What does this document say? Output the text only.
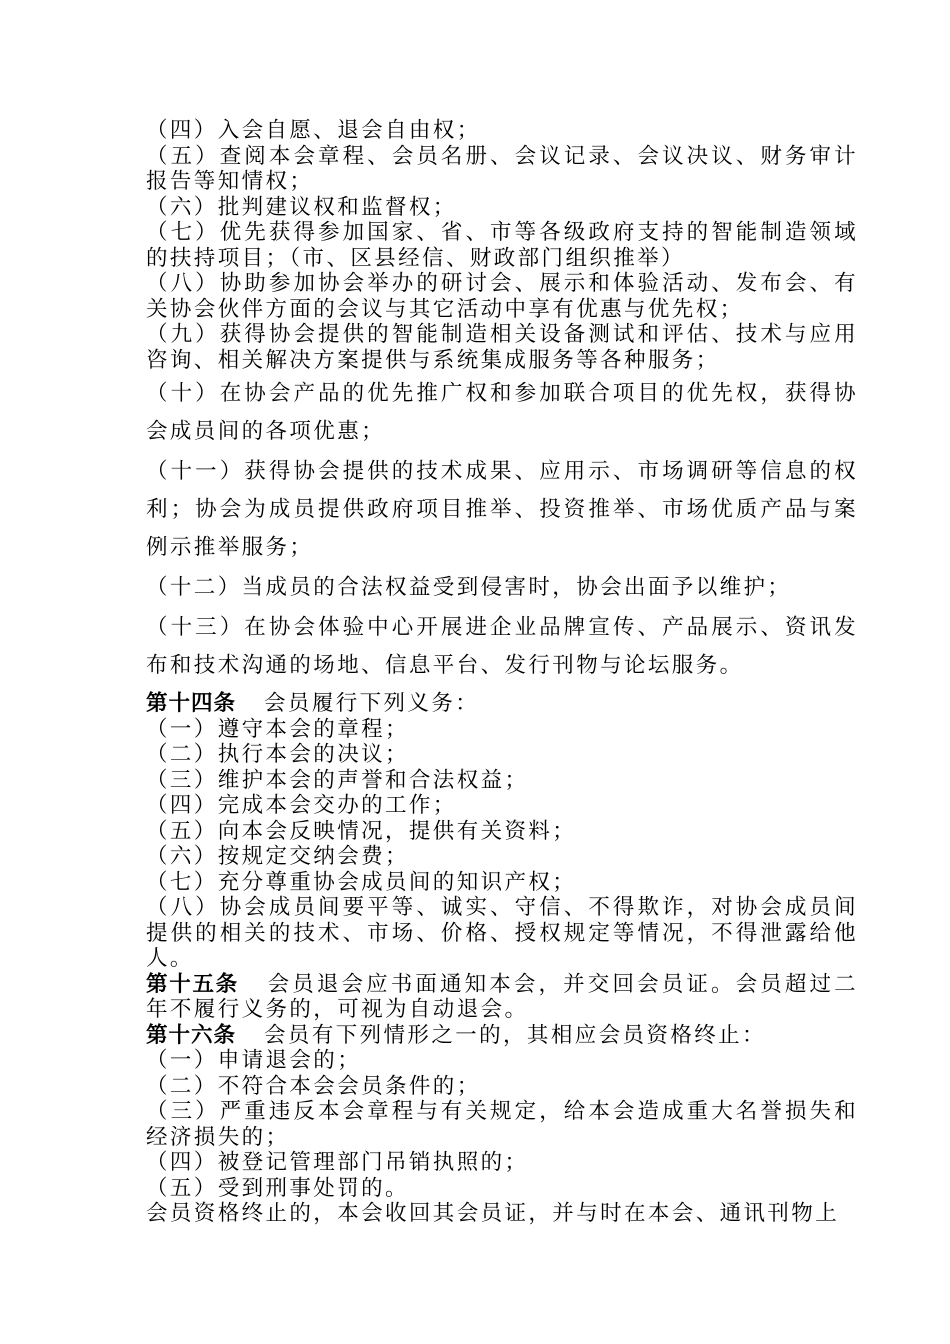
（四）入会自愿、退会自由权；

（五）查阅本会章程、会员名册、会议记录、会议决议、财务审计报告等知情权；

（六）批判建议权和监督权；

（七）优先获得参加国家、省、市等各级政府支持的智能制造领域的扶持项目；（市、区县经信、财政部门组织推举）

（八）协助参加协会举办的研讨会、展示和体验活动、发布会、有关协会伙伴方面的会议与其它活动中享有优惠与优先权；

（九）获得协会提供的智能制造相关设备测试和评估、技术与应用咨询、相关解决方案提供与系统集成服务等各种服务；

（十）在协会产品的优先推广权和参加联合项目的优先权，获得协会成员间的各项优惠；

（十一）获得协会提供的技术成果、应用示、市场调研等信息的权利；协会为成员提供政府项目推举、投资推举、市场优质产品与案例示推举服务；

（十二）当成员的合法权益受到侵害时，协会出面予以维护；

（十三）在协会体验中心开展进企业品牌宣传、产品展示、资讯发布和技术沟通的场地、信息平台、发行刊物与论坛服务。

第十四条 会员履行下列义务：

（一）遵守本会的章程；

（二）执行本会的决议；

（三）维护本会的声誉和合法权益；

（四）完成本会交办的工作；

（五）向本会反映情况，提供有关资料；

（六）按规定交纳会费；

（七）充分尊重协会成员间的知识产权；

（八）协会成员间要平等、诚实、守信、不得欺诈，对协会成员间提供的相关的技术、市场、价格、授权规定等情况，不得泄露给他人。

第十五条 会员退会应书面通知本会，并交回会员证。会员超过二年不履行义务的，可视为自动退会。

第十六条 会员有下列情形之一的，其相应会员资格终止：

（一）申请退会的；

（二）不符合本会会员条件的；

（三）严重违反本会章程与有关规定，给本会造成重大名誉损失和经济损失的；

（四）被登记管理部门吊销执照的；

（五）受到刑事处罚的。

会员资格终止的，本会收回其会员证，并与时在本会、通讯刊物上
